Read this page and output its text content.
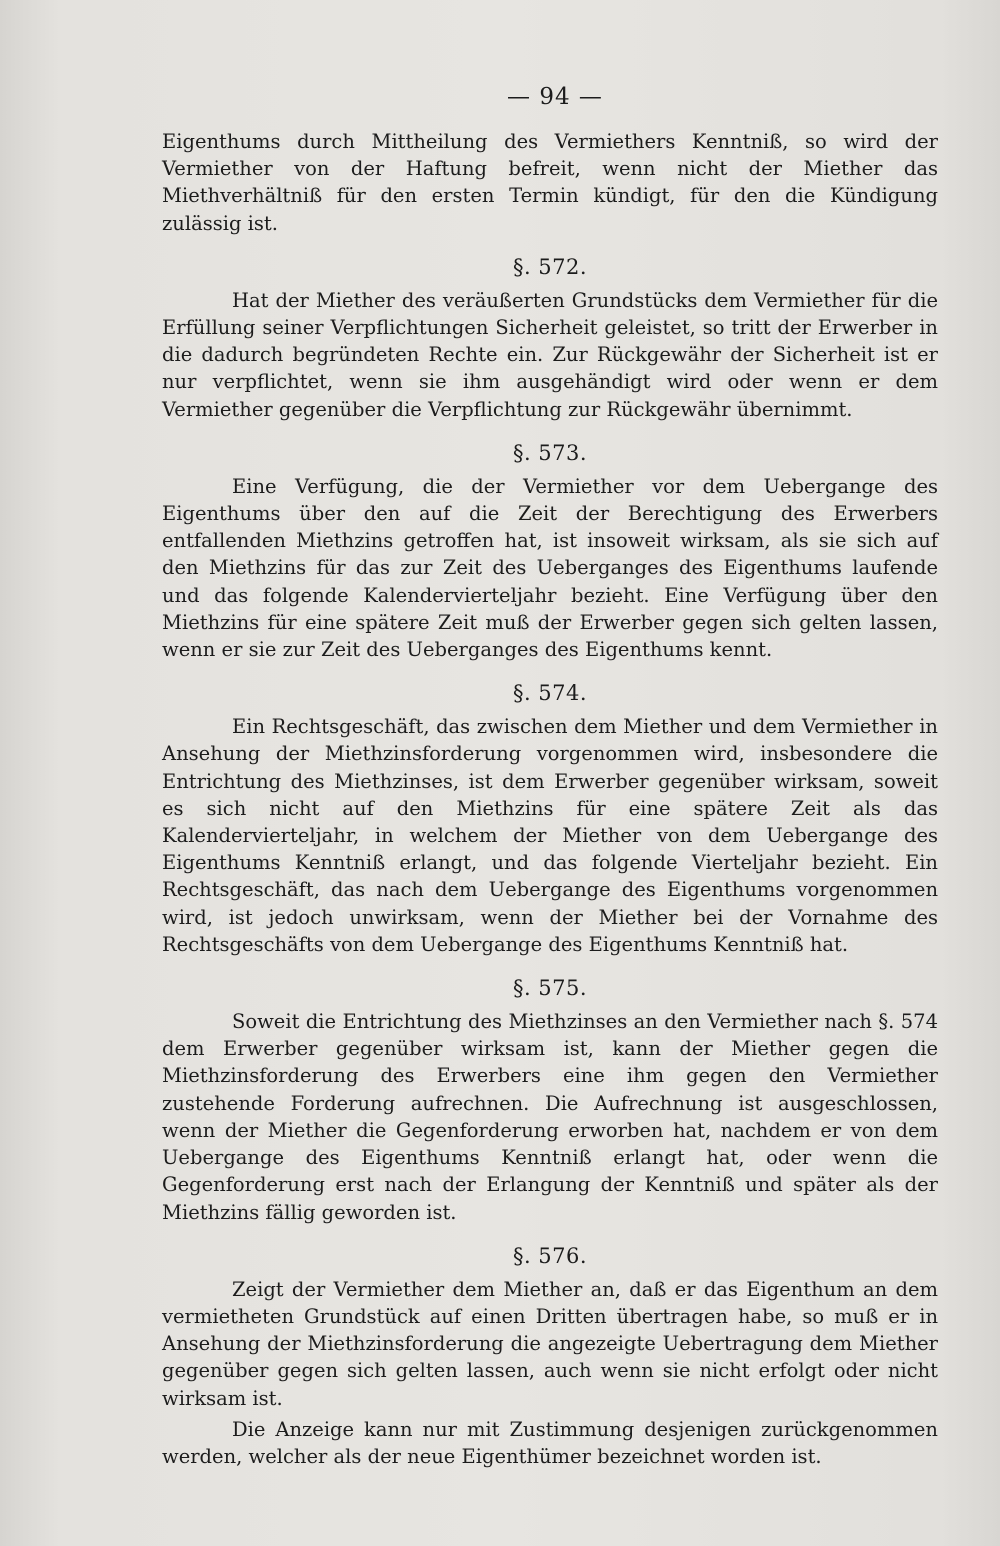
— 94 —

Eigenthums durch Mittheilung des Vermiethers Kenntniß, so wird der Vermiether von der Haftung befreit, wenn nicht der Miether das Miethverhältniß für den ersten Termin kündigt, für den die Kündigung zulässig ist.

§. 572.

Hat der Miether des veräußerten Grundstücks dem Vermiether für die Erfüllung seiner Verpflichtungen Sicherheit geleistet, so tritt der Erwerber in die dadurch begründeten Rechte ein. Zur Rückgewähr der Sicherheit ist er nur verpflichtet, wenn sie ihm ausgehändigt wird oder wenn er dem Vermiether gegenüber die Verpflichtung zur Rückgewähr übernimmt.

§. 573.

Eine Verfügung, die der Vermiether vor dem Uebergange des Eigenthums über den auf die Zeit der Berechtigung des Erwerbers entfallenden Miethzins getroffen hat, ist insoweit wirksam, als sie sich auf den Miethzins für das zur Zeit des Ueberganges des Eigenthums laufende und das folgende Kalendervierteljahr bezieht. Eine Verfügung über den Miethzins für eine spätere Zeit muß der Erwerber gegen sich gelten lassen, wenn er sie zur Zeit des Ueberganges des Eigenthums kennt.

§. 574.

Ein Rechtsgeschäft, das zwischen dem Miether und dem Vermiether in Ansehung der Miethzinsforderung vorgenommen wird, insbesondere die Entrichtung des Miethzinses, ist dem Erwerber gegenüber wirksam, soweit es sich nicht auf den Miethzins für eine spätere Zeit als das Kalendervierteljahr, in welchem der Miether von dem Uebergange des Eigenthums Kenntniß erlangt, und das folgende Vierteljahr bezieht. Ein Rechtsgeschäft, das nach dem Uebergange des Eigenthums vorgenommen wird, ist jedoch unwirksam, wenn der Miether bei der Vornahme des Rechtsgeschäfts von dem Uebergange des Eigenthums Kenntniß hat.

§. 575.

Soweit die Entrichtung des Miethzinses an den Vermiether nach §. 574 dem Erwerber gegenüber wirksam ist, kann der Miether gegen die Miethzinsforderung des Erwerbers eine ihm gegen den Vermiether zustehende Forderung aufrechnen. Die Aufrechnung ist ausgeschlossen, wenn der Miether die Gegenforderung erworben hat, nachdem er von dem Uebergange des Eigenthums Kenntniß erlangt hat, oder wenn die Gegenforderung erst nach der Erlangung der Kenntniß und später als der Miethzins fällig geworden ist.

§. 576.

Zeigt der Vermiether dem Miether an, daß er das Eigenthum an dem vermietheten Grundstück auf einen Dritten übertragen habe, so muß er in Ansehung der Miethzinsforderung die angezeigte Uebertragung dem Miether gegenüber gegen sich gelten lassen, auch wenn sie nicht erfolgt oder nicht wirksam ist.

Die Anzeige kann nur mit Zustimmung desjenigen zurückgenommen werden, welcher als der neue Eigenthümer bezeichnet worden ist.
